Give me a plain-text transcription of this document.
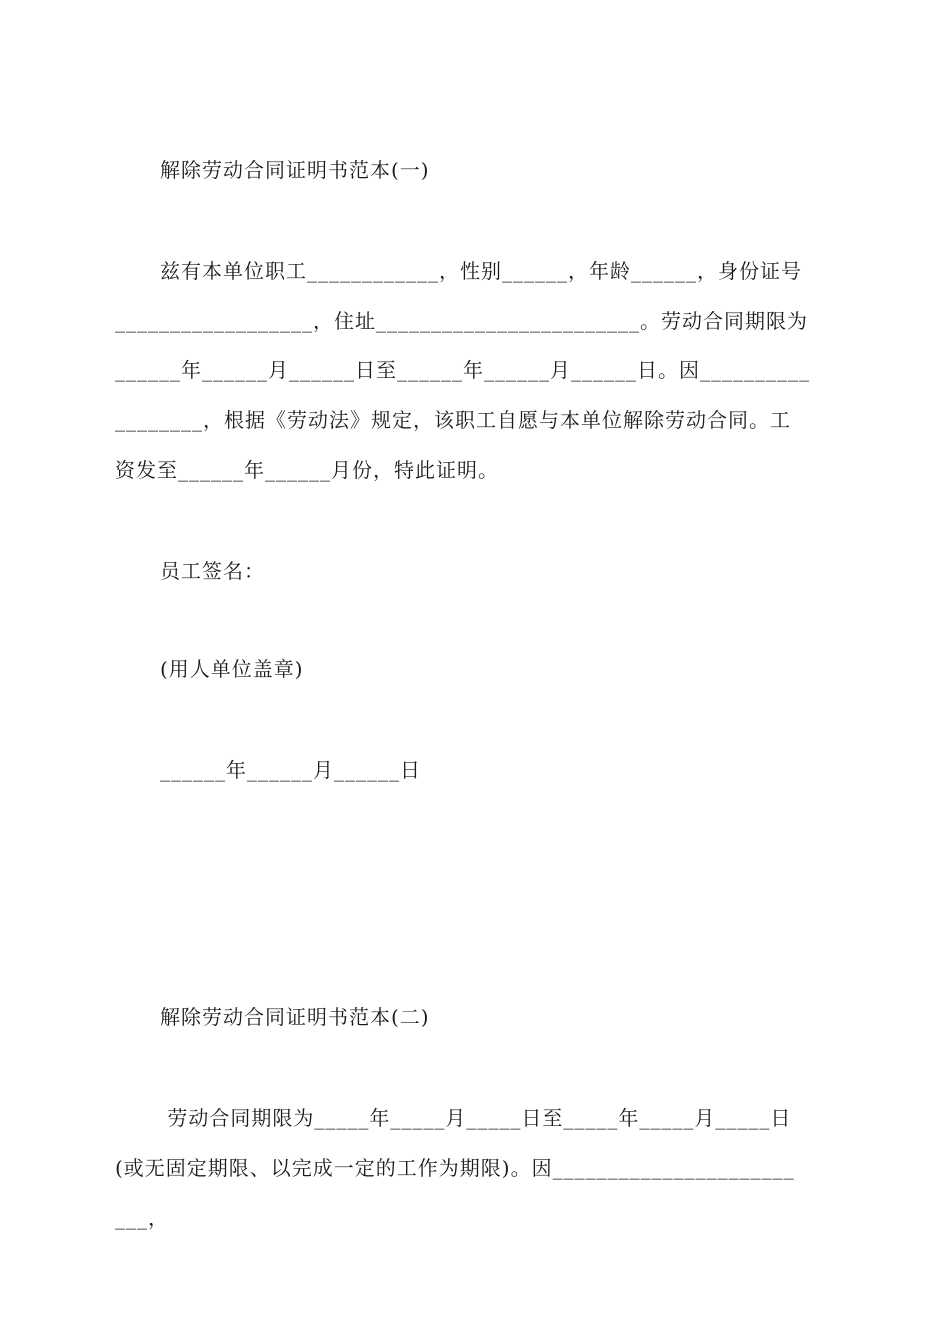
解除劳动合同证明书范本(一)
兹有本单位职工____________，性别______，年龄______，身份证号
__________________，住址________________________。劳动合同期限为
______年______月______日至______年______月______日。因__________
________，根据《劳动法》规定，该职工自愿与本单位解除劳动合同。工
资发至______年______月份，特此证明。
员工签名：
(用人单位盖章)
______年______月______日
解除劳动合同证明书范本(二)
劳动合同期限为_____年_____月_____日至_____年_____月_____日
(或无固定期限、以完成一定的工作为期限)。因______________________
___，
